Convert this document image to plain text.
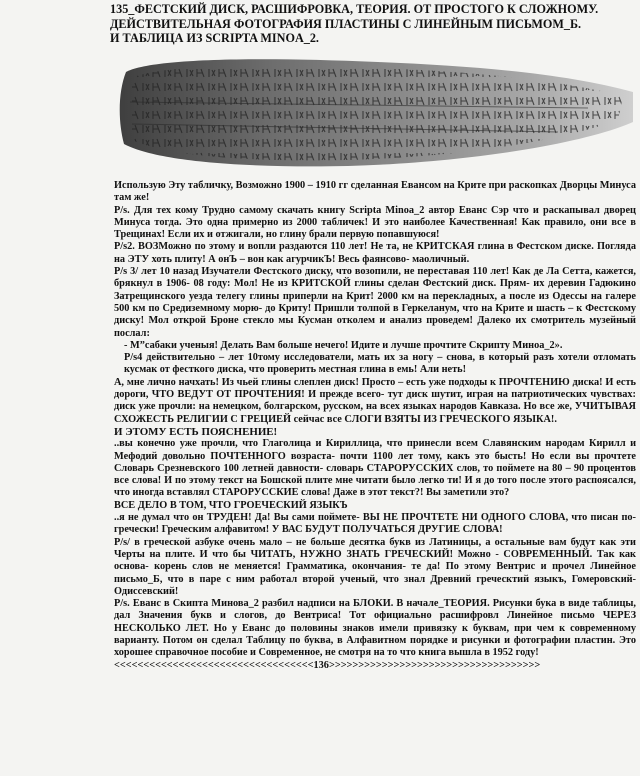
135_ФЕСТСКИЙ ДИСК, РАСШИФРОВКА, ТЕОРИЯ. ОТ ПРОСТОГО К СЛОЖНОМУ.
ДЕЙСТВИТЕЛЬНАЯ ФОТОГРАФИЯ ПЛАСТИНЫ С ЛИНЕЙНЫМ ПИСЬМОМ_Б.
И ТАБЛИЦА ИЗ SCRIPTA MINOA_2.

Использую Эту табличку, Возможно 1900 – 1910 гг сделанная Евансом на Крите при раскопках Дворцы Минуса там же!

P/s. Для тех кому Трудно самому скачать книгу Scripta Minoa_2 автор Еванс Сэр что и раскапывал дворец Минуса тогда. Это одна примерно из 2000 табличек! И это наиболее Качественная! Как правило, они все в Трещинах! Если их и отжигали, но глину брали первую попавшуюся!

P/s2. ВОЗМожно по этому и вопли раздаются 110 лет! Не та, не КРИТСКАЯ глина в Фестском диске. Погляда на ЭТУ хоть плиту! А онЪ – вон как агурчикЪ! Весь фаянсово- маоличный.

P/s 3/ лет 10 назад Изучатели Фестского диску, что возопили, не переставая 110 лет! Как де Ла Сетта, кажется, брякнул в 1906- 08 году: Мол! Не из КРИТСКОЙ глины сделан Фестский диск. Прям- их деревин Гадюкино Затрещинского уезда телегу глины приперли на Крит! 2000 км на перекладных, а после из Одессы на галере 500 км по Средиземному морю- до Криту! Пришли толпой в Геркеланум, что на Крите и шасть – к Фестскому диску! Мол открой Броне стекло мы Кусман отколем и анализ проведем! Далеко их смотритель музейный послал:

- М”сабаки ученыя! Делать Вам больше нечего! Идите и лучше прочтите Скрипту Миноа_2».

P/s4 действительно – лет 10тому исследователи, мать их за ногу – снова, в который разъ хотели отломать кусмак от фесткого диска, что проверить местная глина в емь! Али неть!

А, мне лично начхать! Из чьей глины слеплен диск! Просто – есть уже подходы к ПРОЧТЕНИЮ диска! И есть дороги, ЧТО ВЕДУТ ОТ ПРОЧТЕНИЯ! И прежде всего- тут диск шутит, играя на патриотических чувствах: диск уже прочли: на немецком, болгарском, русском, на всех языках народов Кавказа. Но все же, УЧИТЫВАЯ СХОЖЕСТЬ РЕЛИГИИ С ГРЕЦИЕЙ сейчас все СЛОГИ ВЗЯТЫ ИЗ ГРЕЧЕСКОГО ЯЗЫКА!.

И ЭТОМУ ЕСТЬ ПОЯСНЕНИЕ!

..вы конечно уже прочли, что Глаголица и Кириллица, что принесли всем Славянским народам Кирилл и Мефодий довольно ПОЧТЕННОГО возраста- почти 1100 лет тому, какъ это бысть! Но если вы прочтете Словарь Срезневского 100 летней давности- словарь СТАРОРУССКИХ слов, то поймете на 80 – 90 процентов все слова! И по этому текст на Бошской плите мне читати было легко ти! И я до того после этого распоясался, что иногда вставлял СТАРОРУССКИЕ слова! Даже в этот текст?! Вы заметили это?

ВСЕ ДЕЛО В ТОМ, ЧТО ГРОЕЧЕСКИЙ ЯЗЫКЪ

..я не думал что он ТРУДЕН! Да! Вы сами поймете- ВЫ НЕ ПРОЧТЕТЕ НИ ОДНОГО СЛОВА, что писан по- гречески! Греческим алфавитом! У ВАС БУДУТ ПОЛУЧАТЬСЯ ДРУГИЕ СЛОВА!

P/s/ в греческой азбуке очень мало – не больше десятка букв из Латиницы, а остальные вам будут как эти Черты на плите. И что бы ЧИТАТЬ, НУЖНО ЗНАТЬ ГРЕЧЕСКИЙ! Можно - СОВРЕМЕННЫЙ. Так как основа- корень слов не меняется! Грамматика, окончания- те да! По этому Вентрис и прочел Линейное письмо_Б, что в паре с ним работал второй ученый, что знал Древний греческтий языкъ, Гомеровский- Одиссевский!

P/s. Еванс в Скипта Минова_2 разбил надписи на БЛОКИ. В начале_ТЕОРИЯ. Рисунки бука в виде таблицы, дал Значения букв и слогов, до Вентриса! Тот официально расшифровл Линейное письмо ЧЕРЕЗ НЕСКОЛЬКО ЛЕТ. Но у Еванс до половины знаков имели привязку к буквам, при чем к современному варианту. Потом он сделал Таблицу по буква, в Алфавитном порядке и рисунки и фотографии пластин. Это хорошее справочное пособие и Современное, не смотря на то что книга вышла в 1952 году!

<<<<<<<<<<<<<<<<<<<<<<<<<<<<<<<<<<136>>>>>>>>>>>>>>>>>>>>>>>>>>>>>>>>>>>>
